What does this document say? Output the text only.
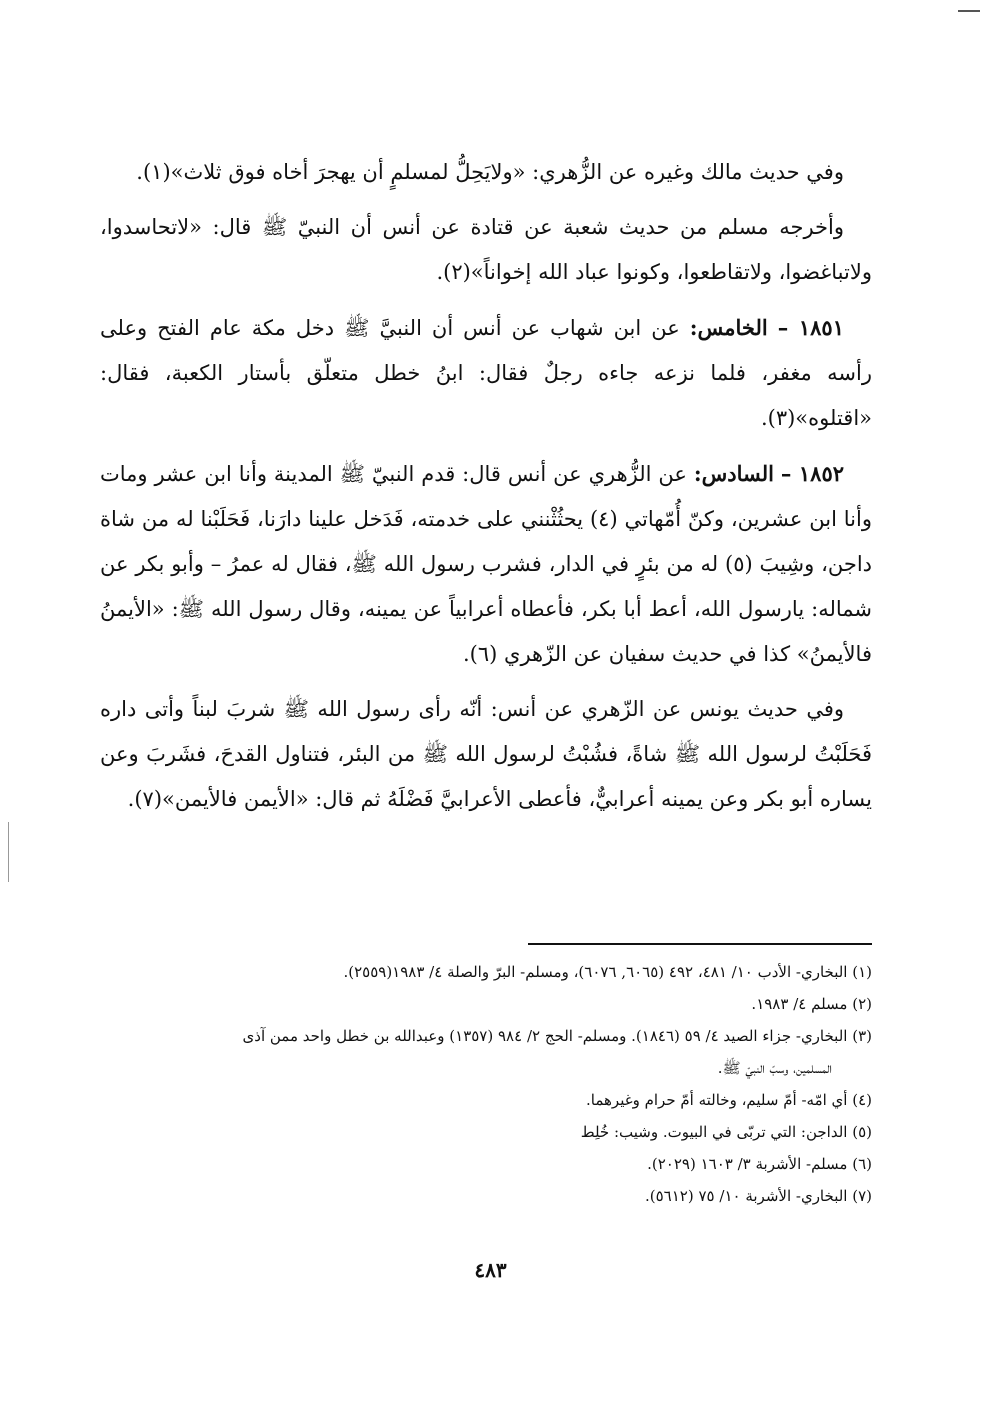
وفي حديث مالك وغيره عن الزُّهري: «ولايَحِلُّ لمسلمٍ أن يهجرَ أخاه فوق ثلاث»(١).

وأخرجه مسلم من حديث شعبة عن قتادة عن أنس أن النبيّ ﷺ قال: «لاتحاسدوا، ولاتباغضوا، ولاتقاطعوا، وكونوا عباد الله إخواناً»(٢).

١٨٥١ – الخامس: عن ابن شهاب عن أنس أن النبيَّ ﷺ دخل مكة عام الفتح وعلى رأسه مغفر، فلما نزعه جاءه رجلٌ فقال: ابنُ خطل متعلّق بأستار الكعبة، فقال: «اقتلوه»(٣).

١٨٥٢ – السادس: عن الزُّهري عن أنس قال: قدم النبيّ ﷺ المدينة وأنا ابن عشر ومات وأنا ابن عشرين، وكنّ أُمّهاتي (٤) يحثُثْنني على خدمته، فَدَخل علينا دارَنا، فَحَلَبْنا له من شاة داجن، وشِيبَ (٥) له من بئرٍ في الدار، فشرب رسول الله ﷺ، فقال له عمرُ – وأبو بكر عن شماله: يارسول الله، أعط أبا بكر، فأعطاه أعرابياً عن يمينه، وقال رسول الله ﷺ: «الأيمنُ فالأيمنُ» كذا في حديث سفيان عن الزّهري (٦).

وفي حديث يونس عن الزّهري عن أنس: أنّه رأى رسول الله ﷺ شربَ لبناً وأتى داره فَحَلَبْتُ لرسول الله ﷺ شاةً، فشُبْتُ لرسول الله ﷺ من البئر، فتناول القدحَ، فشَربَ وعن يساره أبو بكر وعن يمينه أعرابيٌّ، فأعطى الأعرابيَّ فَضْلَهُ ثم قال: «الأيمن فالأيمن»(٧).

(١) البخاري- الأدب ١٠/ ٤٨١، ٤٩٢ (٦٠٦٥, ٦٠٧٦)، ومسلم- البرّ والصلة ٤/ ١٩٨٣(٢٥٥٩).

(٢) مسلم ٤/ ١٩٨٣.

(٣) البخاري- جزاء الصيد ٤/ ٥٩ (١٨٤٦). ومسلم- الحج ٢/ ٩٨٤ (١٣٥٧) وعبدالله بن خطل واحد ممن آذى

المسلمين، وسبّ النبيّ ﷺ.

(٤) أي امّه- أمّ سليم، وخالته أمّ حرام وغيرهما.

(٥) الداجن: التي تربّى في البيوت. وشيب: خُلِط

(٦) مسلم- الأشربة ٣/ ١٦٠٣ (٢٠٢٩).

(٧) البخاري- الأشربة ١٠/ ٧٥ (٥٦١٢).

٤٨٣
